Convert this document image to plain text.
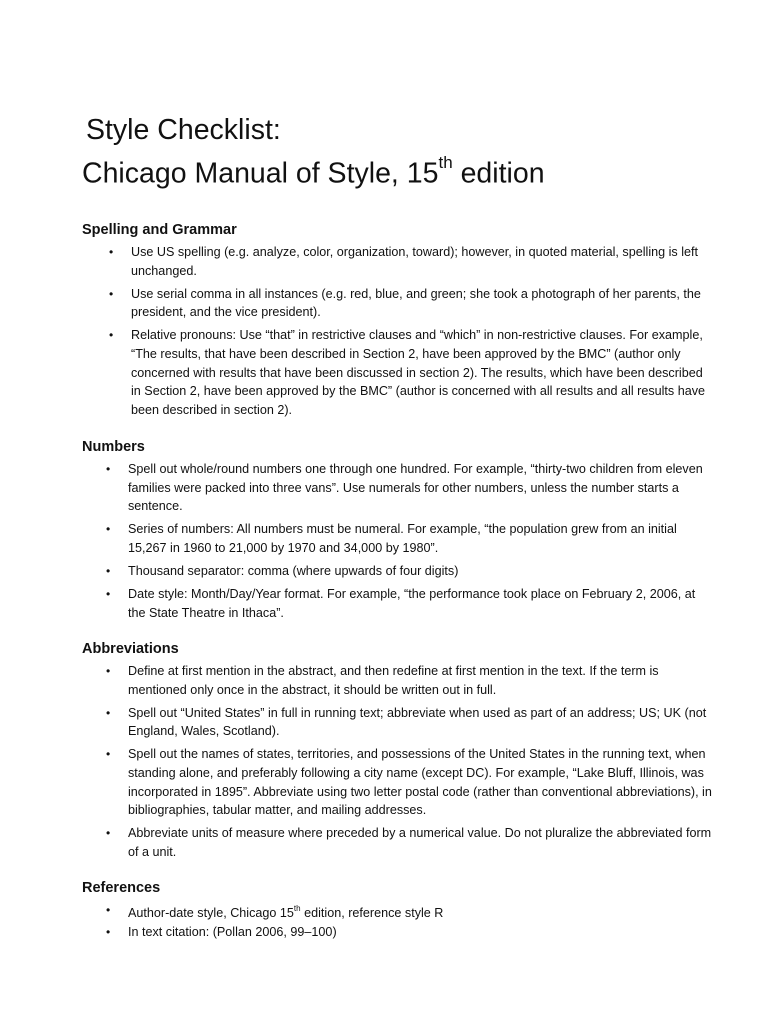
Style Checklist:
Chicago Manual of Style, 15th edition
Spelling and Grammar
• Use US spelling (e.g. analyze, color, organization, toward); however, in quoted material, spelling is left unchanged.
• Use serial comma in all instances (e.g. red, blue, and green; she took a photograph of her parents, the president, and the vice president).
• Relative pronouns: Use “that” in restrictive clauses and “which” in non-restrictive clauses. For example, “The results, that have been described in Section 2, have been approved by the BMC” (author only concerned with results that have been discussed in section 2). The results, which have been described in Section 2, have been approved by the BMC” (author is concerned with all results and all results have been described in section 2).
Numbers
• Spell out whole/round numbers one through one hundred. For example, “thirty-two children from eleven families were packed into three vans”. Use numerals for other numbers, unless the number starts a sentence.
• Series of numbers: All numbers must be numeral. For example, “the population grew from an initial 15,267 in 1960 to 21,000 by 1970 and 34,000 by 1980”.
• Thousand separator: comma (where upwards of four digits)
• Date style: Month/Day/Year format. For example, “the performance took place on February 2, 2006, at the State Theatre in Ithaca”.
Abbreviations
• Define at first mention in the abstract, and then redefine at first mention in the text. If the term is mentioned only once in the abstract, it should be written out in full.
• Spell out “United States” in full in running text; abbreviate when used as part of an address; US; UK (not England, Wales, Scotland).
• Spell out the names of states, territories, and possessions of the United States in the running text, when standing alone, and preferably following a city name (except DC). For example, “Lake Bluff, Illinois, was incorporated in 1895”. Abbreviate using two letter postal code (rather than conventional abbreviations), in bibliographies, tabular matter, and mailing addresses.
• Abbreviate units of measure where preceded by a numerical value. Do not pluralize the abbreviated form of a unit.
References
• Author-date style, Chicago 15th edition, reference style R
• In text citation: (Pollan 2006, 99–100)
